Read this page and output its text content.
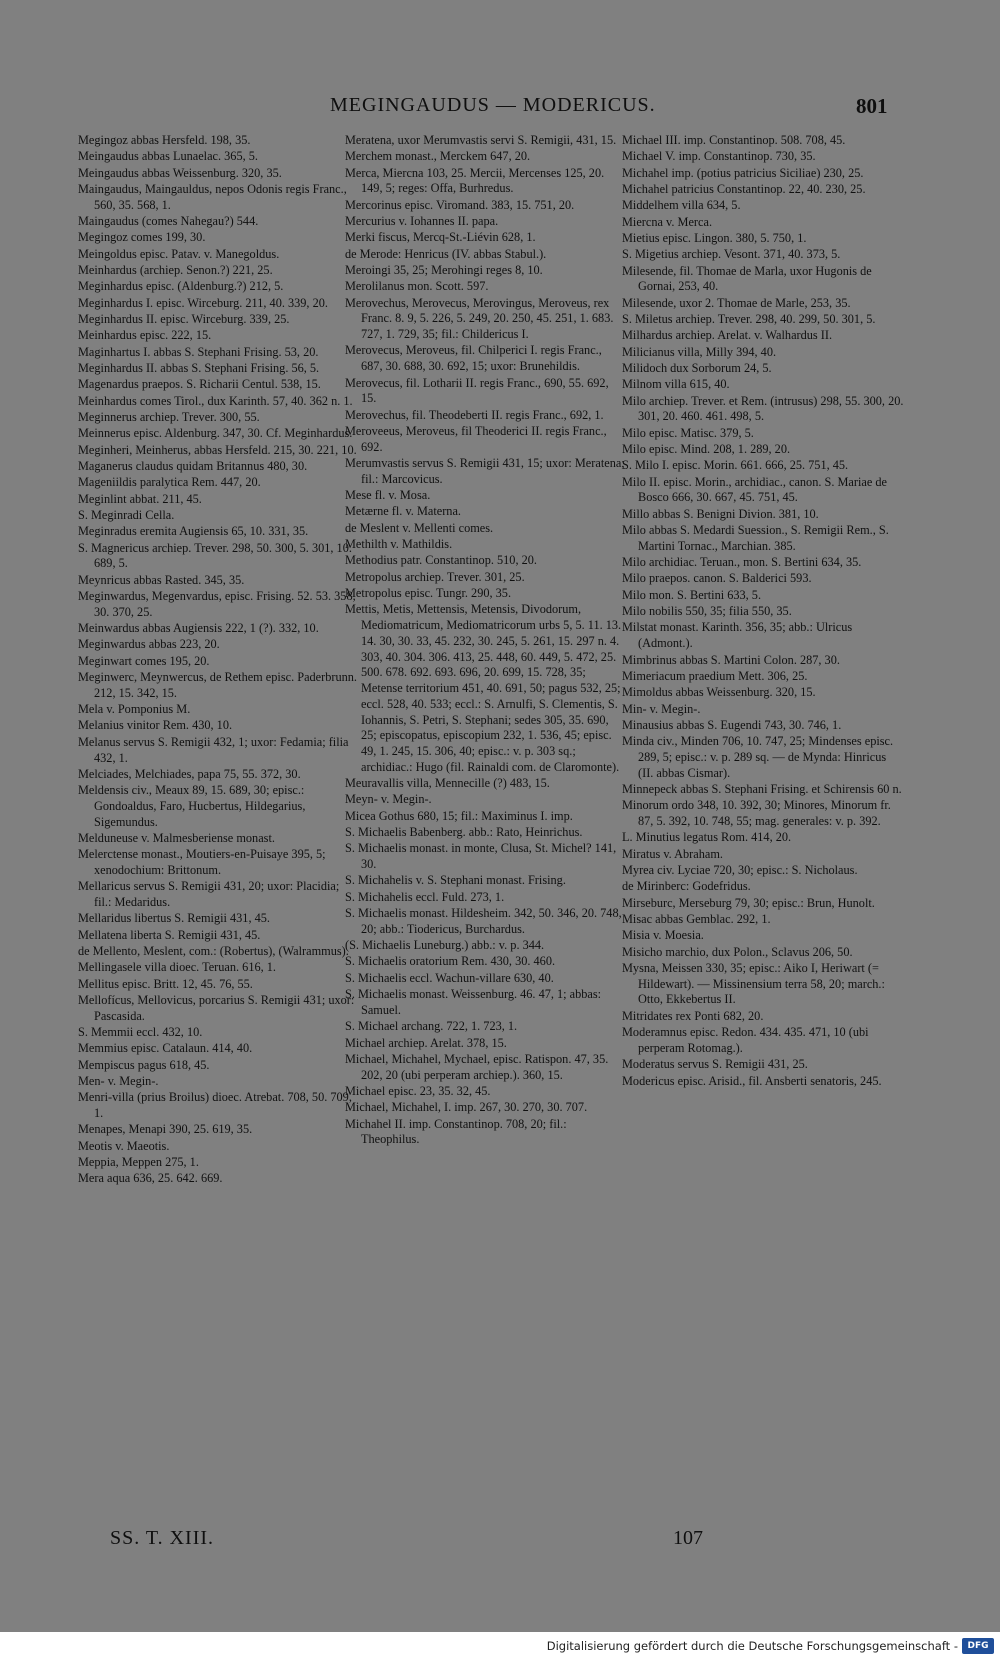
MEGINGAUDUS — MODERICUS.	801

Megingoz abbas Hersfeld. 198, 35.

Meingaudus abbas Lunaelac. 365, 5.

Meingaudus abbas Weissenburg. 320, 35.

Maingaudus, Maingauldus, nepos Odonis regis Franc., 560, 35. 568, 1.

Maingaudus (comes Nahegau?) 544.

Megingoz comes 199, 30.

Meingoldus episc. Patav. v. Manegoldus.

Meinhardus (archiep. Senon.?) 221, 25.

Meginhardus episc. (Aldenburg.?) 212, 5.

Meginhardus I. episc. Wirceburg. 211, 40. 339, 20.

Meginhardus II. episc. Wirceburg. 339, 25.

Meinhardus episc. 222, 15.

Maginhartus I. abbas S. Stephani Frising. 53, 20.

Meginhardus II. abbas S. Stephani Frising. 56, 5.

Magenardus praepos. S. Richarii Centul. 538, 15.

Meinhardus comes Tirol., dux Karinth. 57, 40. 362 n. 1.

Meginnerus archiep. Trever. 300, 55.

Meinnerus episc. Aldenburg. 347, 30. Cf. Meginhardus.

Meginheri, Meinherus, abbas Hersfeld. 215, 30. 221, 10.

Maganerus claudus quidam Britannus 480, 30.

Mageniildis paralytica Rem. 447, 20.

Meginlint abbat. 211, 45.

S. Meginradi Cella.

Meginradus eremita Augiensis 65, 10. 331, 35.

S. Magnericus archiep. Trever. 298, 50. 300, 5. 301, 10. 689, 5.

Meynricus abbas Rasted. 345, 35.

Meginwardus, Megenvardus, episc. Frising. 52. 53. 358, 30. 370, 25.

Meinwardus abbas Augiensis 222, 1 (?). 332, 10.

Meginwardus abbas 223, 20.

Meginwart comes 195, 20.

Meginwerc, Meynwercus, de Rethem episc. Paderbrunn. 212, 15. 342, 15.

Mela v. Pomponius M.

Melanius vinitor Rem. 430, 10.

Melanus servus S. Remigii 432, 1; uxor: Fedamia; filia 432, 1.

Melciades, Melchiades, papa 75, 55. 372, 30.

Meldensis civ., Meaux 89, 15. 689, 30; episc.: Gondoaldus, Faro, Hucbertus, Hildegarius, Sigemundus.

Melduneuse v. Malmesberiense monast.

Melerctense monast., Moutiers-en-Puisaye 395, 5; xenodochium: Brittonum.

Mellaricus servus S. Remigii 431, 20; uxor: Placidia; fil.: Medaridus.

Mellaridus libertus S. Remigii 431, 45.

Mellatena liberta S. Remigii 431, 45.

de Mellento, Meslent, com.: (Robertus), (Walrammus).

Mellingasele villa dioec. Teruan. 616, 1.

Mellitus episc. Britt. 12, 45. 76, 55.

Mellofícus, Mellovicus, porcarius S. Remigii 431; uxor: Pascasida.

S. Memmii eccl. 432, 10.

Memmius episc. Catalaun. 414, 40.

Mempiscus pagus 618, 45.

Men- v. Megin-.

Menri-villa (prius Broilus) dioec. Atrebat. 708, 50. 709, 1.

Menapes, Menapi 390, 25. 619, 35.

Meotis v. Maeotis.

Meppia, Meppen 275, 1.

Mera aqua 636, 25. 642. 669.

Meratena, uxor Merumvastis servi S. Remigii, 431, 15.

Merchem monast., Merckem 647, 20.

Merca, Miercna 103, 25. Mercii, Mercenses 125, 20. 149, 5; reges: Offa, Burhredus.

Mercorinus episc. Viromand. 383, 15. 751, 20.

Mercurius v. Iohannes II. papa.

Merki fiscus, Mercq-St.-Liévin 628, 1.

de Merode: Henricus (IV. abbas Stabul.).

Meroingi 35, 25; Merohingi reges 8, 10.

Merolilanus mon. Scott. 597.

Merovechus, Merovecus, Merovingus, Meroveus, rex Franc. 8. 9, 5. 226, 5. 249, 20. 250, 45. 251, 1. 683. 727, 1. 729, 35; fil.: Childericus I.

Merovecus, Meroveus, fil. Chilperici I. regis Franc., 687, 30. 688, 30. 692, 15; uxor: Brunehildis.

Merovecus, fil. Lotharii II. regis Franc., 690, 55. 692, 15.

Merovechus, fil. Theodeberti II. regis Franc., 692, 1.

Meroveeus, Meroveus, fil Theoderici II. regis Franc., 692.

Merumvastis servus S. Remigii 431, 15; uxor: Meratena; fil.: Marcovicus.

Mese fl. v. Mosa.

Metærne fl. v. Materna.

de Meslent v. Mellenti comes.

Methilth v. Mathildis.

Methodius patr. Constantinop. 510, 20.

Metropolus archiep. Trever. 301, 25.

Metropolus episc. Tungr. 290, 35.

Mettis, Metis, Mettensis, Metensis, Divodorum, Mediomatricum, Mediomatricorum urbs 5, 5. 11. 13. 14. 30, 30. 33, 45. 232, 30. 245, 5. 261, 15. 297 n. 4. 303, 40. 304. 306. 413, 25. 448, 60. 449, 5. 472, 25. 500. 678. 692. 693. 696, 20. 699, 15. 728, 35; Metense territorium 451, 40. 691, 50; pagus 532, 25; eccl. 528, 40. 533; eccl.: S. Arnulfi, S. Clementis, S. Iohannis, S. Petri, S. Stephani; sedes 305, 35. 690, 25; episcopatus, episcopium 232, 1. 536, 45; episc. 49, 1. 245, 15. 306, 40; episc.: v. p. 303 sq.; archidiac.: Hugo (fil. Rainaldi com. de Claromonte).

Meuravallis villa, Mennecille (?) 483, 15.

Meyn- v. Megin-.

Micea Gothus 680, 15; fil.: Maximinus I. imp.

S. Michaelis Babenberg. abb.: Rato, Heinrichus.

S. Michaelis monast. in monte, Clusa, St. Michel? 141, 30.

S. Michahelis v. S. Stephani monast. Frising.

S. Michahelis eccl. Fuld. 273, 1.

S. Michaelis monast. Hildesheim. 342, 50. 346, 20. 748, 20; abb.: Tiodericus, Burchardus.

(S. Michaelis Luneburg.) abb.: v. p. 344.

S. Michaelis oratorium Rem. 430, 30. 460.

S. Michaelis eccl. Wachun-villare 630, 40.

S. Michaelis monast. Weissenburg. 46. 47, 1; abbas: Samuel.

S. Michael archang. 722, 1. 723, 1.

Michael archiep. Arelat. 378, 15.

Michael, Michahel, Mychael, episc. Ratispon. 47, 35. 202, 20 (ubi perperam archiep.). 360, 15.

Michael episc. 23, 35. 32, 45.

Michael, Michahel, I. imp. 267, 30. 270, 30. 707.

Michahel II. imp. Constantinop. 708, 20; fil.: Theophilus.

Michael III. imp. Constantinop. 508. 708, 45.

Michael V. imp. Constantinop. 730, 35.

Michahel imp. (potius patricius Siciliae) 230, 25.

Michahel patricius Constantinop. 22, 40. 230, 25.

Middelhem villa 634, 5.

Miercna v. Merca.

Mietius episc. Lingon. 380, 5. 750, 1.

S. Migetius archiep. Vesont. 371, 40. 373, 5.

Milesende, fil. Thomae de Marla, uxor Hugonis de Gornai, 253, 40.

Milesende, uxor 2. Thomae de Marle, 253, 35.

S. Miletus archiep. Trever. 298, 40. 299, 50. 301, 5.

Milhardus archiep. Arelat. v. Walhardus II.

Milicianus villa, Milly 394, 40.

Milidoch dux Sorborum 24, 5.

Milnom villa 615, 40.

Milo archiep. Trever. et Rem. (intrusus) 298, 55. 300, 20. 301, 20. 460. 461. 498, 5.

Milo episc. Matisc. 379, 5.

Milo episc. Mind. 208, 1. 289, 20.

S. Milo I. episc. Morin. 661. 666, 25. 751, 45.

Milo II. episc. Morin., archidiac., canon. S. Mariae de Bosco 666, 30. 667, 45. 751, 45.

Millo abbas S. Benigni Divion. 381, 10.

Milo abbas S. Medardi Suession., S. Remigii Rem., S. Martini Tornac., Marchian. 385.

Milo archidiac. Teruan., mon. S. Bertini 634, 35.

Milo praepos. canon. S. Balderici 593.

Milo mon. S. Bertini 633, 5.

Milo nobilis 550, 35; filia 550, 35.

Milstat monast. Karinth. 356, 35; abb.: Ulricus (Admont.).

Mimbrinus abbas S. Martini Colon. 287, 30.

Mimeriacum praedium Mett. 306, 25.

Mimoldus abbas Weissenburg. 320, 15.

Min- v. Megin-.

Minausius abbas S. Eugendi 743, 30. 746, 1.

Minda civ., Minden 706, 10. 747, 25; Mindenses episc. 289, 5; episc.: v. p. 289 sq. — de Mynda: Hinricus (II. abbas Cismar).

Minnepeck abbas S. Stephani Frising. et Schirensis 60 n.

Minorum ordo 348, 10. 392, 30; Minores, Minorum fr. 87, 5. 392, 10. 748, 55; mag. generales: v. p. 392.

L. Minutius legatus Rom. 414, 20.

Miratus v. Abraham.

Myrea civ. Lyciae 720, 30; episc.: S. Nicholaus.

de Mirinberc: Godefridus.

Mirseburc, Merseburg 79, 30; episc.: Brun, Hunolt.

Misac abbas Gemblac. 292, 1.

Misia v. Moesia.

Misicho marchio, dux Polon., Sclavus 206, 50.

Mysna, Meissen 330, 35; episc.: Aiko I, Heriwart (= Hildewart). — Missinensium terra 58, 20; march.: Otto, Ekkebertus II.

Mitridates rex Ponti 682, 20.

Moderamnus episc. Redon. 434. 435. 471, 10 (ubi perperam Rotomag.).

Moderatus servus S. Remigii 431, 25.

Modericus episc. Arisid., fil. Ansberti senatoris, 245.

SS. T. XIII.	107
Digitalisierung gefördert durch die Deutsche Forschungsgemeinschaft -	DFG
